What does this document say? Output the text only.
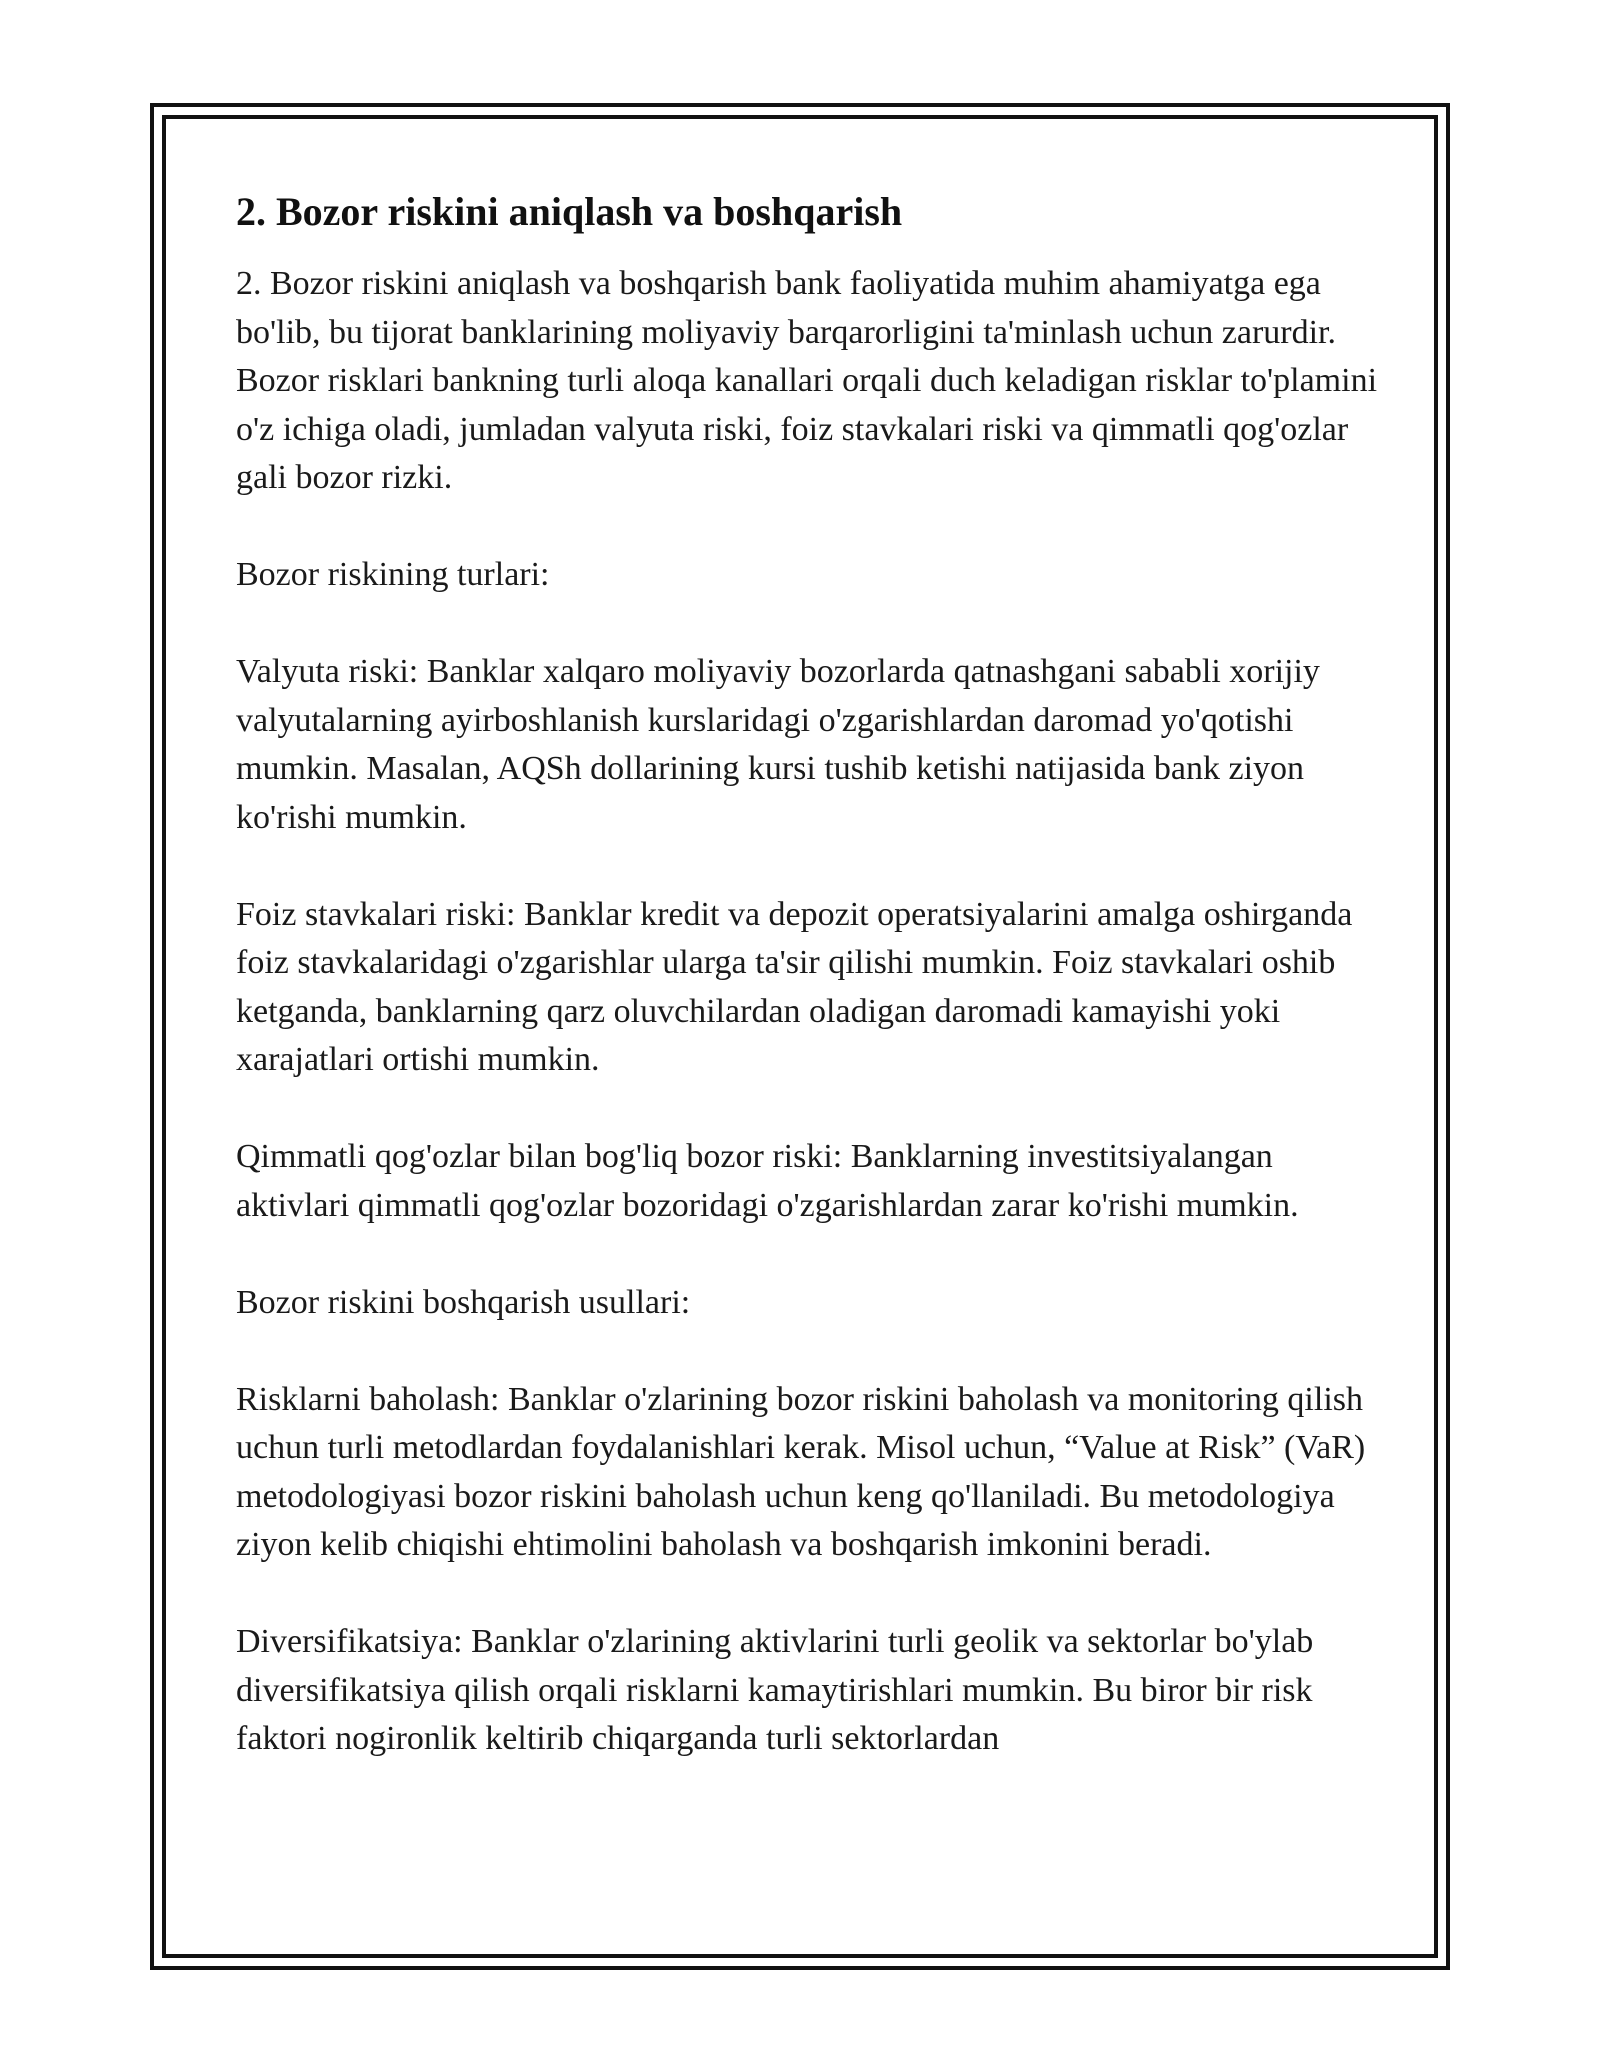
2. Bozor riskini aniqlash va boshqarish

2. Bozor riskini aniqlash va boshqarish bank faoliyatida muhim ahamiyatga ega bo'lib, bu tijorat banklarining moliyaviy barqarorligini ta'minlash uchun zarurdir. Bozor risklari bankning turli aloqa kanallari orqali duch keladigan risklar to'plamini o'z ichiga oladi, jumladan valyuta riski, foiz stavkalari riski va qimmatli qog'ozlar gali bozor rizki.

Bozor riskining turlari:

Valyuta riski: Banklar xalqaro moliyaviy bozorlarda qatnashgani sababli xorijiy valyutalarning ayirboshlanish kurslaridagi o'zgarishlardan daromad yo'qotishi mumkin. Masalan, AQSh dollarining kursi tushib ketishi natijasida bank ziyon ko'rishi mumkin.

Foiz stavkalari riski: Banklar kredit va depozit operatsiyalarini amalga oshirganda foiz stavkalaridagi o'zgarishlar ularga ta'sir qilishi mumkin. Foiz stavkalari oshib ketganda, banklarning qarz oluvchilardan oladigan daromadi kamayishi yoki xarajatlari ortishi mumkin.

Qimmatli qog'ozlar bilan bog'liq bozor riski: Banklarning investitsiyalangan aktivlari qimmatli qog'ozlar bozoridagi o'zgarishlardan zarar ko'rishi mumkin.

Bozor riskini boshqarish usullari:

Risklarni baholash: Banklar o'zlarining bozor riskini baholash va monitoring qilish uchun turli metodlardan foydalanishlari kerak. Misol uchun, “Value at Risk” (VaR) metodologiyasi bozor riskini baholash uchun keng qo'llaniladi. Bu metodologiya ziyon kelib chiqishi ehtimolini baholash va boshqarish imkonini beradi.

Diversifikatsiya: Banklar o'zlarining aktivlarini turli geolik va sektorlar bo'ylab diversifikatsiya qilish orqali risklarni kamaytirishlari mumkin. Bu biror bir risk faktori nogironlik keltirib chiqarganda turli sektorlardan
